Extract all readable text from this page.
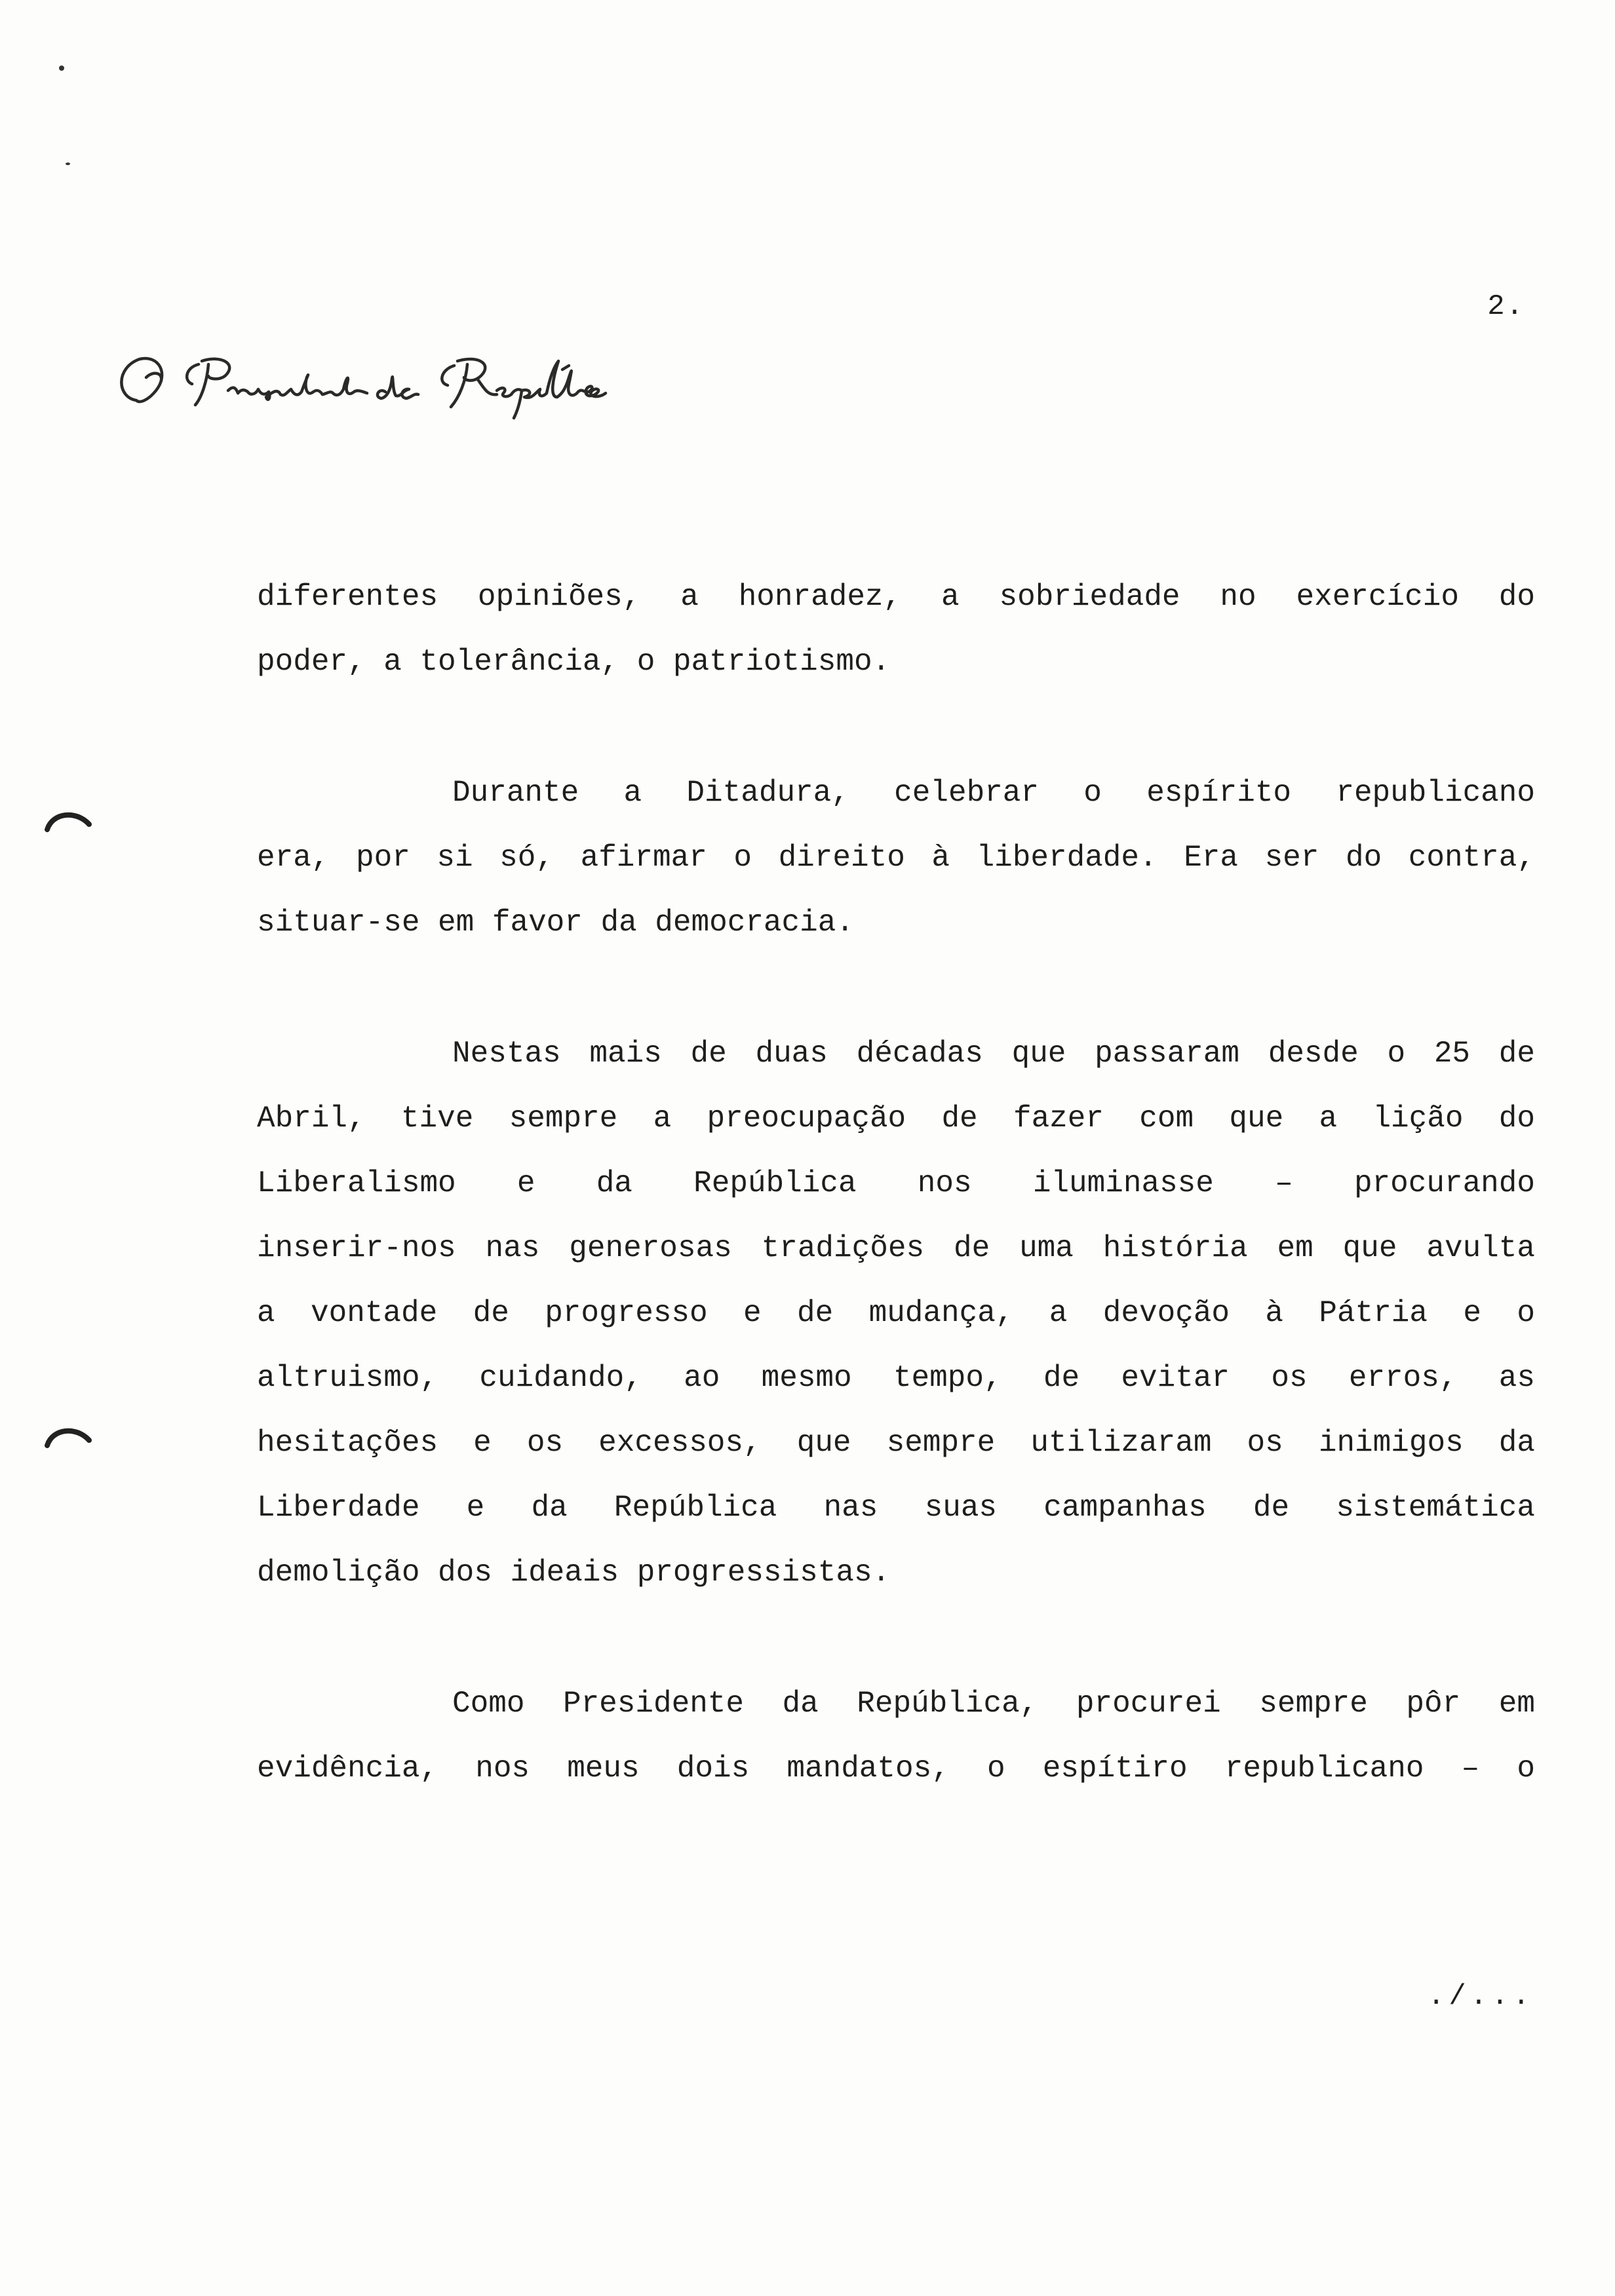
2.

diferentes opiniões, a honradez, a sobriedade no exercício do
poder, a tolerância, o patriotismo.

Durante a Ditadura, celebrar o espírito republicano
era, por si só, afirmar o direito à liberdade. Era ser do contra,
situar-se em favor da democracia.

Nestas mais de duas décadas que passaram desde o 25 de
Abril, tive sempre a preocupação de fazer com que a lição do
Liberalismo e da República nos iluminasse – procurando
inserir-nos nas generosas tradições de uma história em que avulta
a vontade de progresso e de mudança, a devoção à Pátria e o
altruismo, cuidando, ao mesmo tempo, de evitar os erros, as
hesitações e os excessos, que sempre utilizaram os inimigos da
Liberdade e da República nas suas campanhas de sistemática
demolição dos ideais progressistas.

Como Presidente da República, procurei sempre pôr em
evidência, nos meus dois mandatos, o espítiro republicano – o

./...
